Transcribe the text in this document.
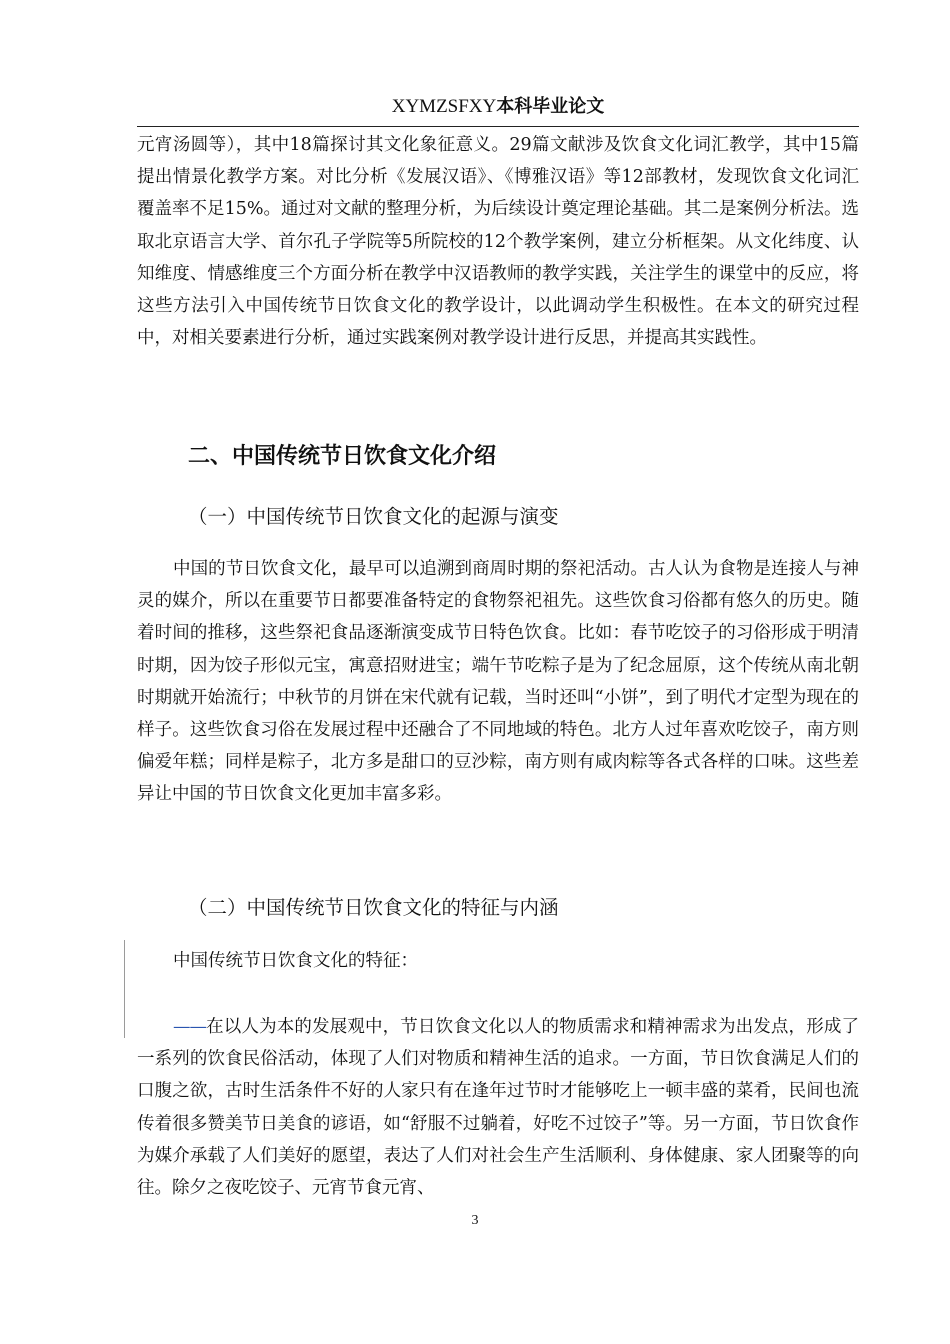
XYMZSFXY本科毕业论文
元宵汤圆等），其中18篇探讨其文化象征意义。29篇文献涉及饮食文化词汇教学，其中15篇提出情景化教学方案。对比分析《发展汉语》、《博雅汉语》等12部教材，发现饮食文化词汇覆盖率不足15%。通过对文献的整理分析，为后续设计奠定理论基础。其二是案例分析法。选取北京语言大学、首尔孔子学院等5所院校的12个教学案例，建立分析框架。从文化纬度、认知维度、情感维度三个方面分析在教学中汉语教师的教学实践，关注学生的课堂中的反应，将这些方法引入中国传统节日饮食文化的教学设计，以此调动学生积极性。在本文的研究过程中，对相关要素进行分析，通过实践案例对教学设计进行反思，并提高其实践性。
二、中国传统节日饮食文化介绍
（一）中国传统节日饮食文化的起源与演变
中国的节日饮食文化，最早可以追溯到商周时期的祭祀活动。古人认为食物是连接人与神灵的媒介，所以在重要节日都要准备特定的食物祭祀祖先。这些饮食习俗都有悠久的历史。随着时间的推移，这些祭祀食品逐渐演变成节日特色饮食。比如：春节吃饺子的习俗形成于明清时期，因为饺子形似元宝，寓意招财进宝；端午节吃粽子是为了纪念屈原，这个传统从南北朝时期就开始流行；中秋节的月饼在宋代就有记载，当时还叫“小饼”，到了明代才定型为现在的样子。这些饮食习俗在发展过程中还融合了不同地域的特色。北方人过年喜欢吃饺子，南方则偏爱年糕；同样是粽子，北方多是甜口的豆沙粽，南方则有咸肉粽等各式各样的口味。这些差异让中国的节日饮食文化更加丰富多彩。
（二）中国传统节日饮食文化的特征与内涵
中国传统节日饮食文化的特征：
——在以人为本的发展观中，节日饮食文化以人的物质需求和精神需求为出发点，形成了一系列的饮食民俗活动，体现了人们对物质和精神生活的追求。一方面，节日饮食满足人们的口腹之欲，古时生活条件不好的人家只有在逢年过节时才能够吃上一顿丰盛的菜肴，民间也流传着很多赞美节日美食的谚语，如“舒服不过躺着，好吃不过饺子”等。另一方面，节日饮食作为媒介承载了人们美好的愿望，表达了人们对社会生产生活顺利、身体健康、家人团聚等的向往。除夕之夜吃饺子、元宵节食元宵、
3
